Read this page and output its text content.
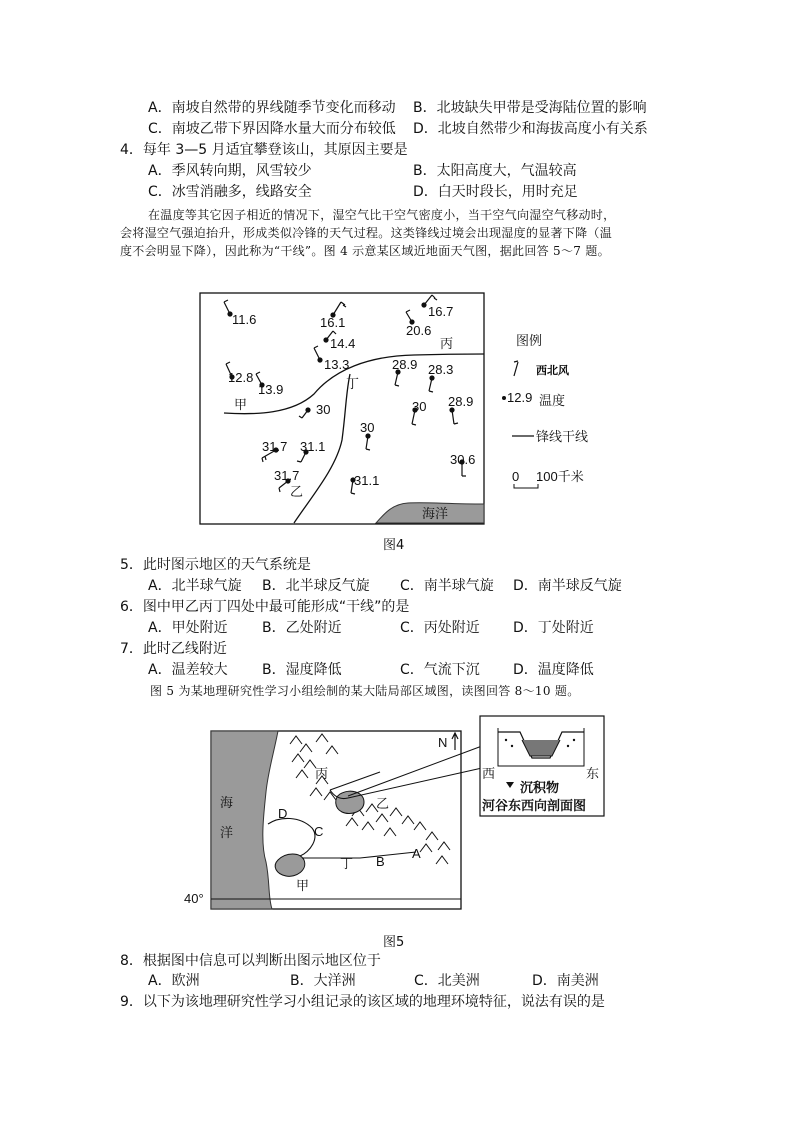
A．南坡自然带的界线随季节变化而移动 B．北坡缺失甲带是受海陆位置的影响
C．南坡乙带下界因降水量大而分布较低 D．北坡自然带少和海拔高度小有关系
4．每年 3—5 月适宜攀登该山，其原因主要是
A．季风转向期，风雪较少	B．太阳高度大，气温较高
C．冰雪消融多，线路安全	D．白天时段长，用时充足
在温度等其它因子相近的情况下，湿空气比干空气密度小，当干空气向湿空气移动时，
会将湿空气强迫抬升，形成类似冷锋的天气过程。这类锋线过境会出现湿度的显著下降（温
度不会明显下降），因此称为“干线”。图 4 示意某区域近地面天气图，据此回答 5～7 题。
海洋
11.6	16.1
16.7
20.6
14.4
13.3	28.9 28.3
12.8
13.9
30	30 28.9
30
31.7 31.1
31.7	31.1
30.6
甲
丙
丁
乙
图例
西北风
12.9 温度
锋线干线
0 100千米
图4
5．此时图示地区的天气系统是
A．北半球气旋 B．北半球反气旋 C．南半球气旋 D．南半球反气旋
6．图中甲乙丙丁四处中最可能形成“干线”的是
A．甲处附近 B．乙处附近	C．丙处附近 D．丁处附近
7．此时乙线附近
A．温差较大 B．湿度降低	C．气流下沉 D．温度降低
图 5 为某地理研究性学习小组绘制的某大陆局部区域图，读图回答 8～10 题。
海
洋
40°
N
丙
乙
甲
丁
A
B
C
D
西	东
沉积物
河谷东西向剖面图
图5
8．根据图中信息可以判断出图示地区位于
A．欧洲	B．大洋洲	C．北美洲	D．南美洲
9．以下为该地理研究性学习小组记录的该区域的地理环境特征，说法有误的是
